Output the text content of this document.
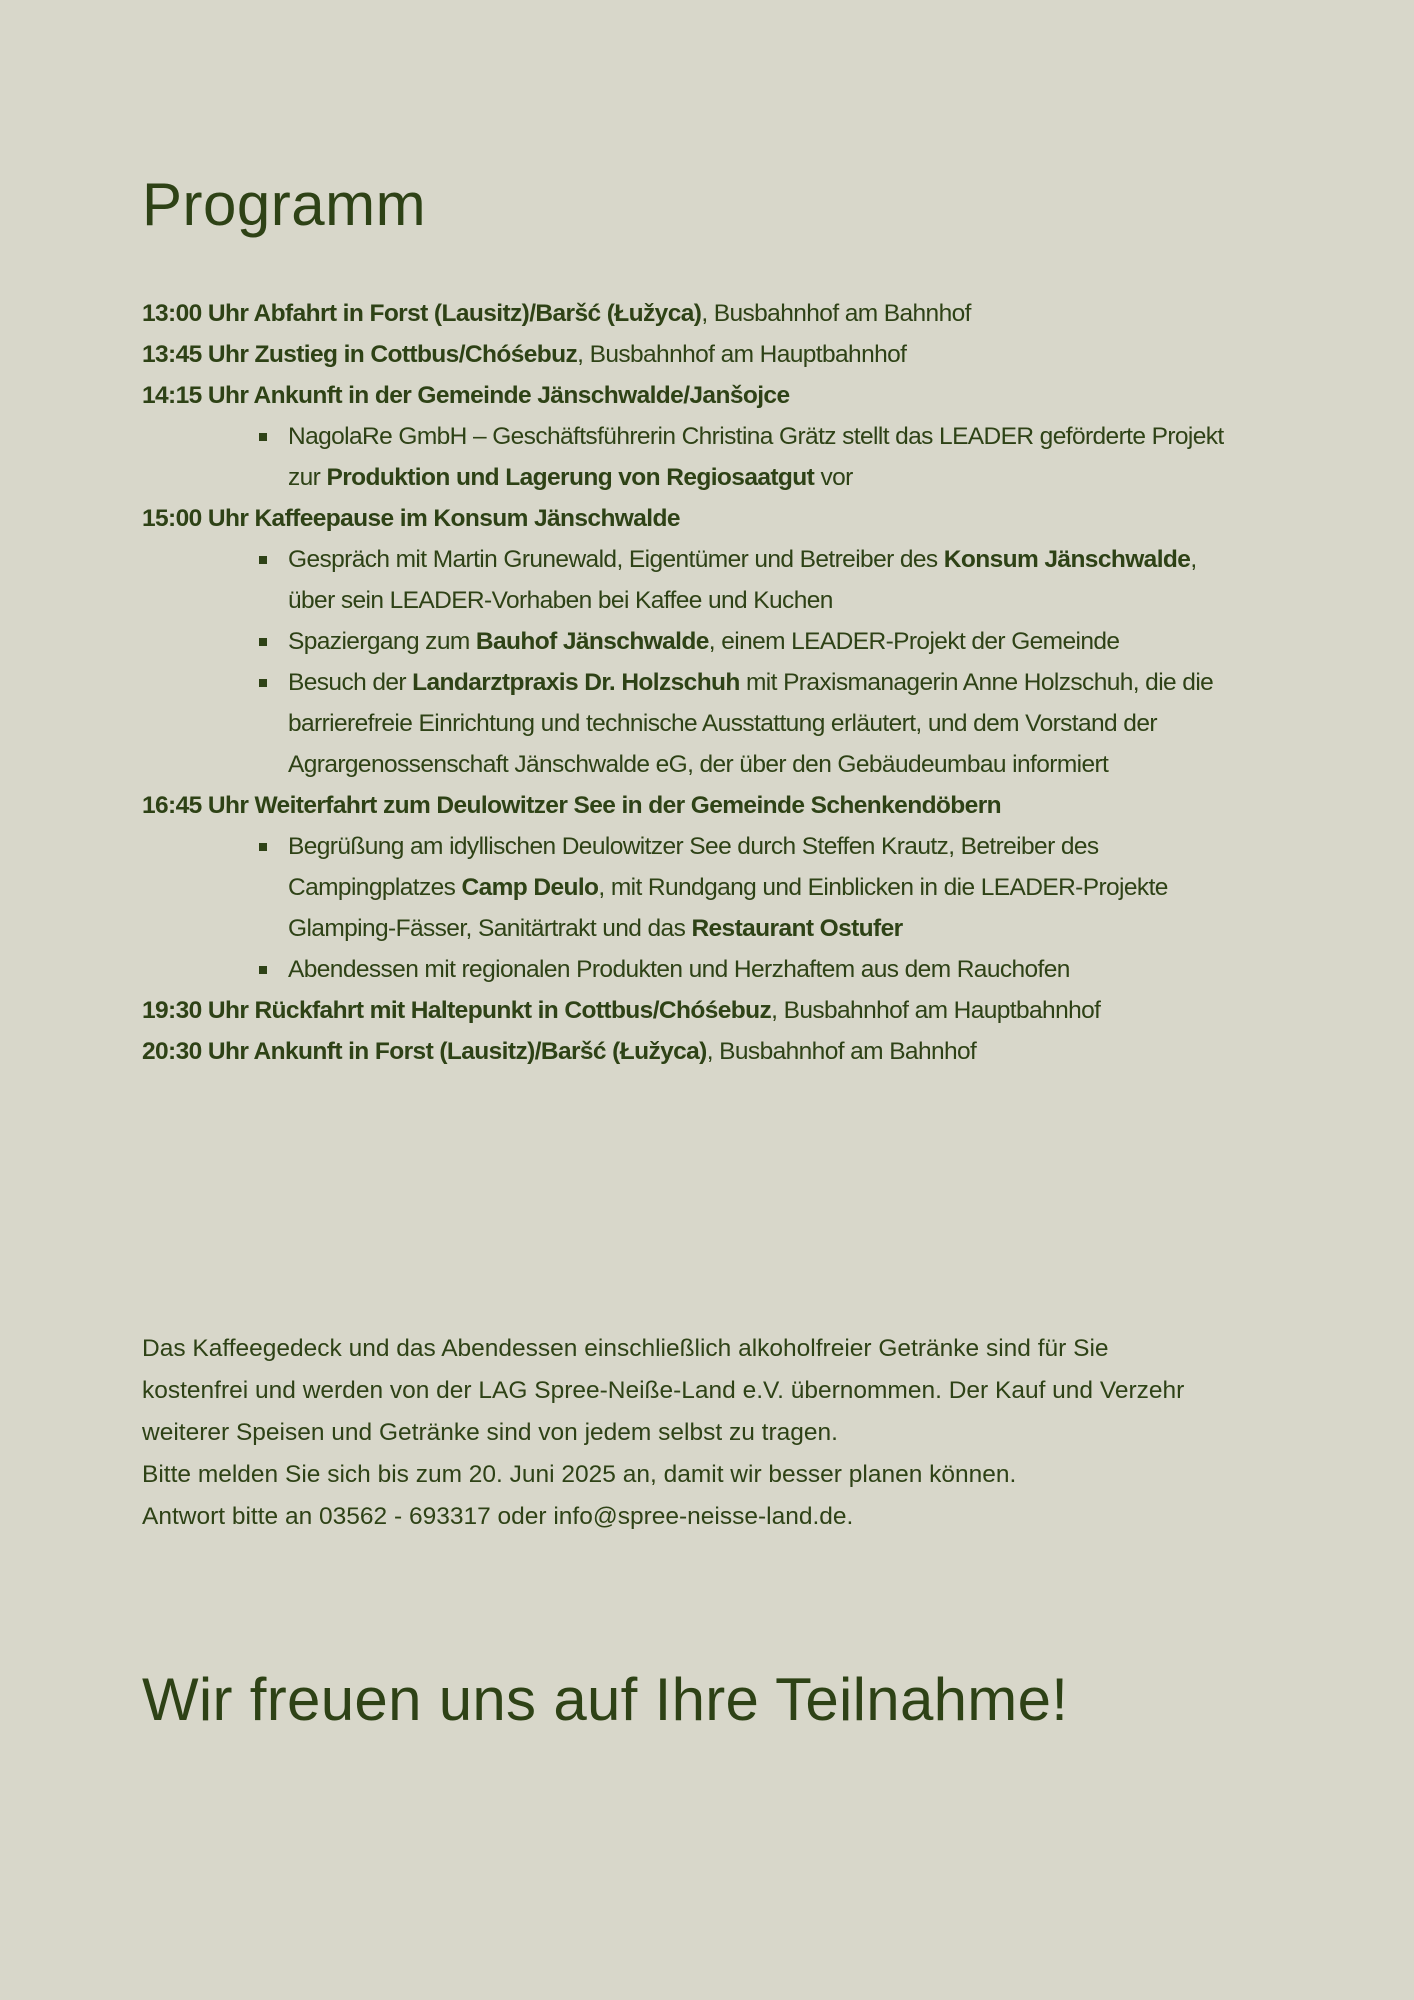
Programm

13:00 Uhr Abfahrt in Forst (Lausitz)/Baršć (Łužyca), Busbahnhof am Bahnhof

13:45 Uhr Zustieg in Cottbus/Chóśebuz, Busbahnhof am Hauptbahnhof

14:15 Uhr Ankunft in der Gemeinde Jänschwalde/Janšojce

NagolaRe GmbH – Geschäftsführerin Christina Grätz stellt das LEADER geförderte Projekt
zur Produktion und Lagerung von Regiosaatgut vor

15:00 Uhr Kaffeepause im Konsum Jänschwalde

Gespräch mit Martin Grunewald, Eigentümer und Betreiber des Konsum Jänschwalde,
über sein LEADER-Vorhaben bei Kaffee und Kuchen
Spaziergang zum Bauhof Jänschwalde, einem LEADER-Projekt der Gemeinde
Besuch der Landarztpraxis Dr. Holzschuh mit Praxismanagerin Anne Holzschuh, die die
barrierefreie Einrichtung und technische Ausstattung erläutert, und dem Vorstand der
Agrargenossenschaft Jänschwalde eG, der über den Gebäudeumbau informiert

16:45 Uhr Weiterfahrt zum Deulowitzer See in der Gemeinde Schenkendöbern

Begrüßung am idyllischen Deulowitzer See durch Steffen Krautz, Betreiber des
Campingplatzes Camp Deulo, mit Rundgang und Einblicken in die LEADER-Projekte
Glamping-Fässer, Sanitärtrakt und das Restaurant Ostufer
Abendessen mit regionalen Produkten und Herzhaftem aus dem Rauchofen

19:30 Uhr Rückfahrt mit Haltepunkt in Cottbus/Chóśebuz, Busbahnhof am Hauptbahnhof

20:30 Uhr Ankunft in Forst (Lausitz)/Baršć (Łužyca), Busbahnhof am Bahnhof

Das Kaffeegedeck und das Abendessen einschließlich alkoholfreier Getränke sind für Sie

kostenfrei und werden von der LAG Spree-Neiße-Land e.V. übernommen. Der Kauf und Verzehr

weiterer Speisen und Getränke sind von jedem selbst zu tragen.

Bitte melden Sie sich bis zum 20. Juni 2025 an, damit wir besser planen können.

Antwort bitte an 03562 - 693317 oder info@spree-neisse-land.de.

Wir freuen uns auf Ihre Teilnahme!
